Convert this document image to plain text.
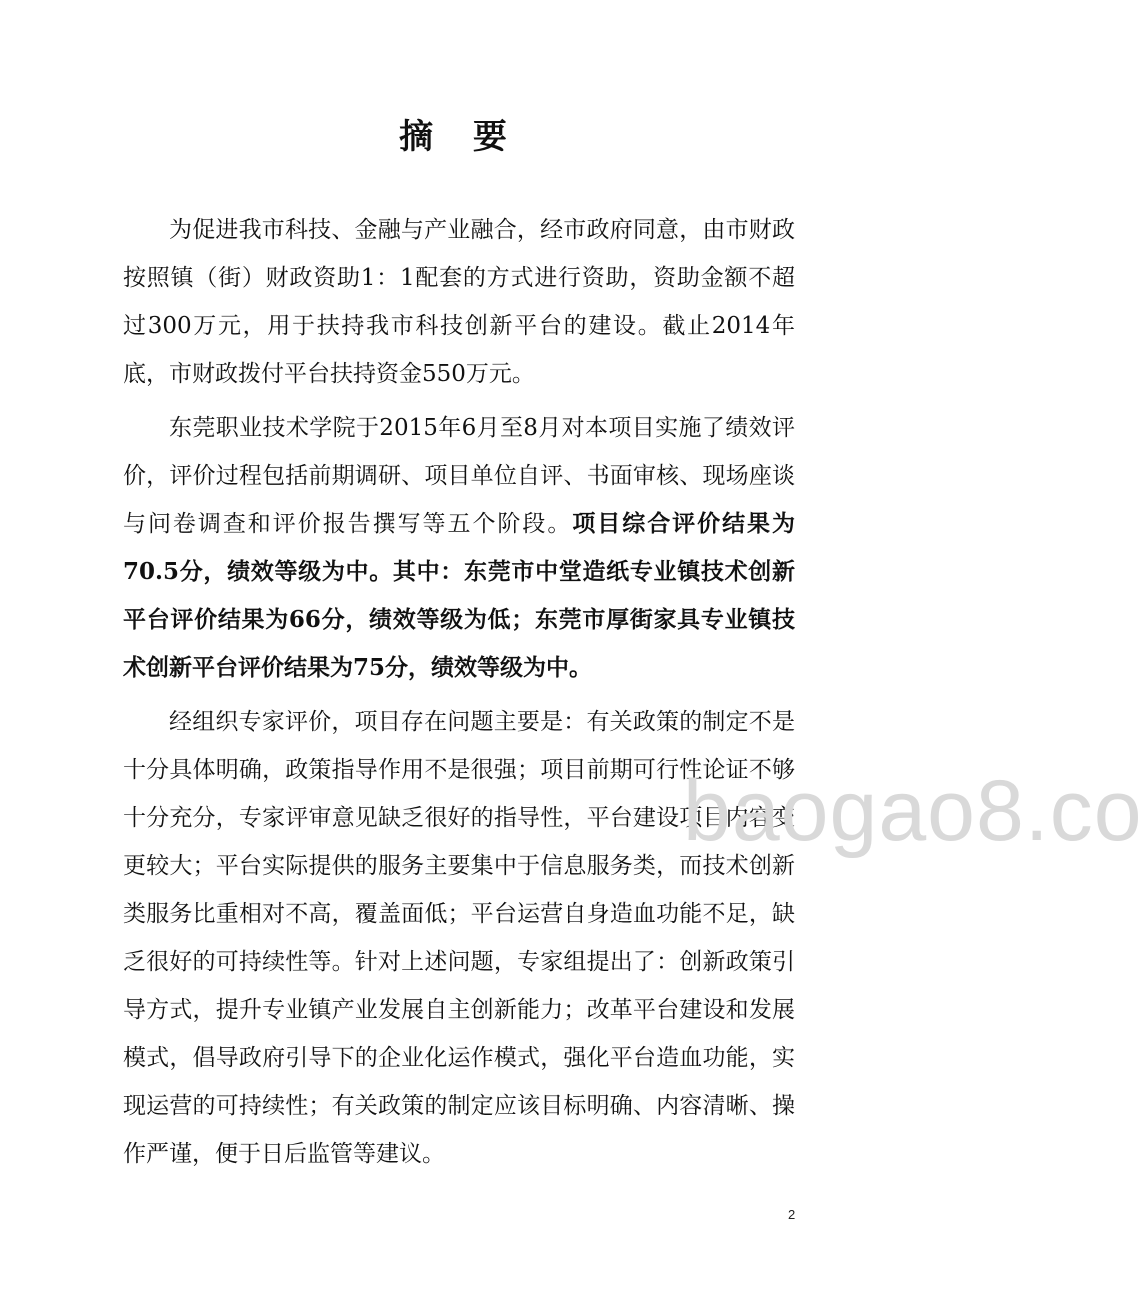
摘 要

为促进我市科技、金融与产业融合，经市政府同意，由市财政按照镇（街）财政资助1：1配套的方式进行资助，资助金额不超过300万元，用于扶持我市科技创新平台的建设。截止2014年底，市财政拨付平台扶持资金550万元。

东莞职业技术学院于2015年6月至8月对本项目实施了绩效评价，评价过程包括前期调研、项目单位自评、书面审核、现场座谈与问卷调查和评价报告撰写等五个阶段。项目综合评价结果为70.5分，绩效等级为中。其中：东莞市中堂造纸专业镇技术创新平台评价结果为66分，绩效等级为低；东莞市厚街家具专业镇技术创新平台评价结果为75分，绩效等级为中。

经组织专家评价，项目存在问题主要是：有关政策的制定不是十分具体明确，政策指导作用不是很强；项目前期可行性论证不够十分充分，专家评审意见缺乏很好的指导性，平台建设项目内容变更较大；平台实际提供的服务主要集中于信息服务类，而技术创新类服务比重相对不高，覆盖面低；平台运营自身造血功能不足，缺乏很好的可持续性等。针对上述问题，专家组提出了：创新政策引导方式，提升专业镇产业发展自主创新能力；改革平台建设和发展模式，倡导政府引导下的企业化运作模式，强化平台造血功能，实现运营的可持续性；有关政策的制定应该目标明确、内容清晰、操作严谨，便于日后监管等建议。

baogao8.co
2
